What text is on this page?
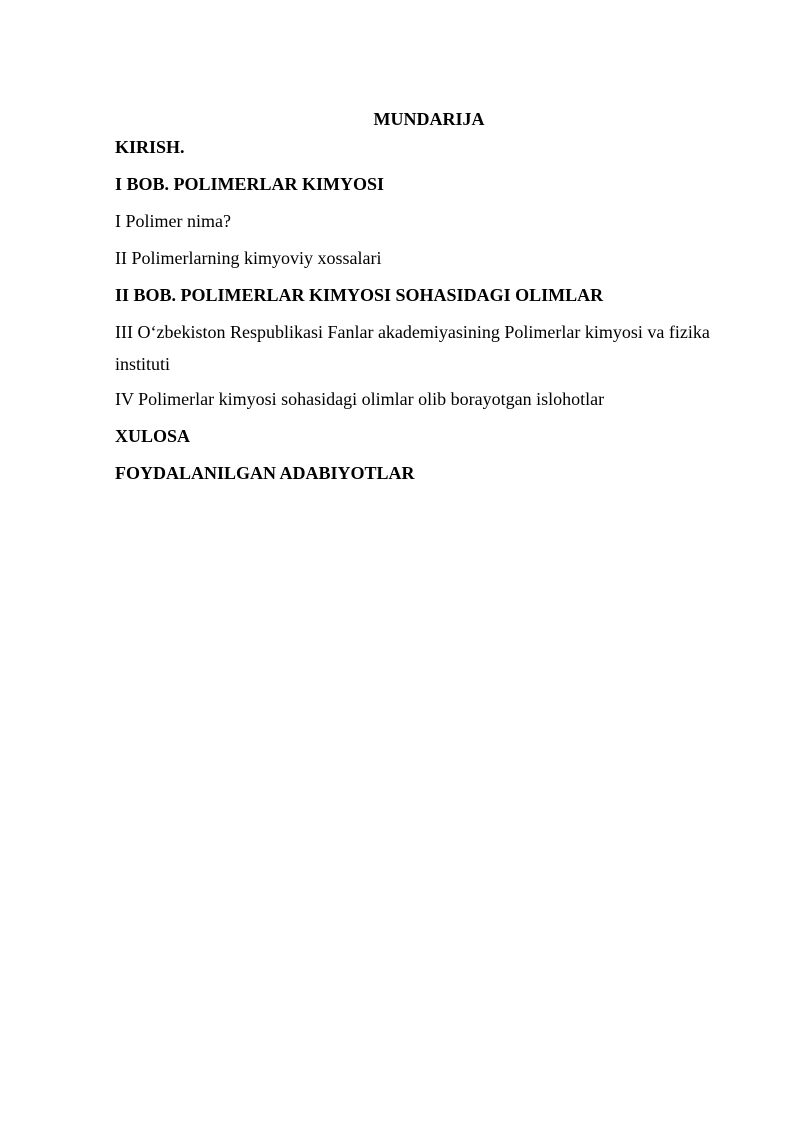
MUNDARIJA
KIRISH.
I BOB. POLIMERLAR KIMYOSI
I Polimer nima?
II Polimerlarning kimyoviy xossalari
II BOB. POLIMERLAR KIMYOSI SOHASIDAGI OLIMLAR
III O‘zbekiston Respublikasi Fanlar akademiyasining Polimerlar kimyosi va fizika instituti
IV Polimerlar kimyosi sohasidagi olimlar olib borayotgan islohotlar
XULOSA
FOYDALANILGAN ADABIYOTLAR
